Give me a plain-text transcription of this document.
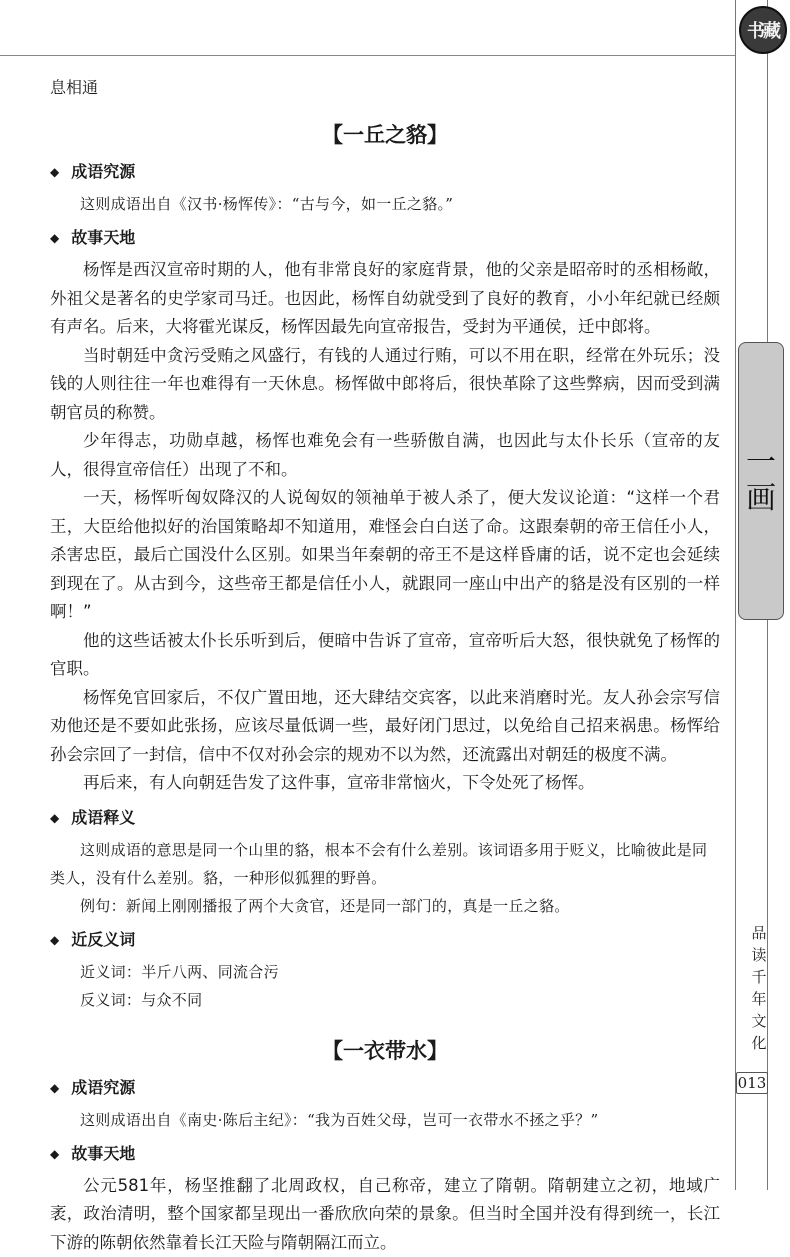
书藏
一
画
品
读
千
年
文
化
013

息相通

【一丘之貉】
◆ 成语究源

这则成语出自《汉书·杨恽传》：“古与今，如一丘之貉。”

◆ 故事天地

杨恽是西汉宣帝时期的人，他有非常良好的家庭背景，他的父亲是昭帝时的丞相杨敞，外祖父是著名的史学家司马迁。也因此，杨恽自幼就受到了良好的教育，小小年纪就已经颇有声名。后来，大将霍光谋反，杨恽因最先向宣帝报告，受封为平通侯，迁中郎将。

当时朝廷中贪污受贿之风盛行，有钱的人通过行贿，可以不用在职，经常在外玩乐；没钱的人则往往一年也难得有一天休息。杨恽做中郎将后，很快革除了这些弊病，因而受到满朝官员的称赞。

少年得志，功勋卓越，杨恽也难免会有一些骄傲自满，也因此与太仆长乐（宣帝的友人，很得宣帝信任）出现了不和。

一天，杨恽听匈奴降汉的人说匈奴的领袖单于被人杀了，便大发议论道：“这样一个君王，大臣给他拟好的治国策略却不知道用，难怪会白白送了命。这跟秦朝的帝王信任小人，杀害忠臣，最后亡国没什么区别。如果当年秦朝的帝王不是这样昏庸的话，说不定也会延续到现在了。从古到今，这些帝王都是信任小人，就跟同一座山中出产的貉是没有区别的一样啊！”

他的这些话被太仆长乐听到后，便暗中告诉了宣帝，宣帝听后大怒，很快就免了杨恽的官职。

杨恽免官回家后，不仅广置田地，还大肆结交宾客，以此来消磨时光。友人孙会宗写信劝他还是不要如此张扬，应该尽量低调一些，最好闭门思过，以免给自己招来祸患。杨恽给孙会宗回了一封信，信中不仅对孙会宗的规劝不以为然，还流露出对朝廷的极度不满。

再后来，有人向朝廷告发了这件事，宣帝非常恼火，下令处死了杨恽。

◆ 成语释义

这则成语的意思是同一个山里的貉，根本不会有什么差别。该词语多用于贬义，比喻彼此是同类人，没有什么差别。貉，一种形似狐狸的野兽。

例句：新闻上刚刚播报了两个大贪官，还是同一部门的，真是一丘之貉。

◆ 近反义词

近义词：半斤八两、同流合污

反义词：与众不同

【一衣带水】
◆ 成语究源

这则成语出自《南史·陈后主纪》：“我为百姓父母，岂可一衣带水不拯之乎？”

◆ 故事天地

公元581年，杨坚推翻了北周政权，自己称帝，建立了隋朝。隋朝建立之初，地域广袤，政治清明，整个国家都呈现出一番欣欣向荣的景象。但当时全国并没有得到统一，长江下游的陈朝依然靠着长江天险与隋朝隔江而立。
